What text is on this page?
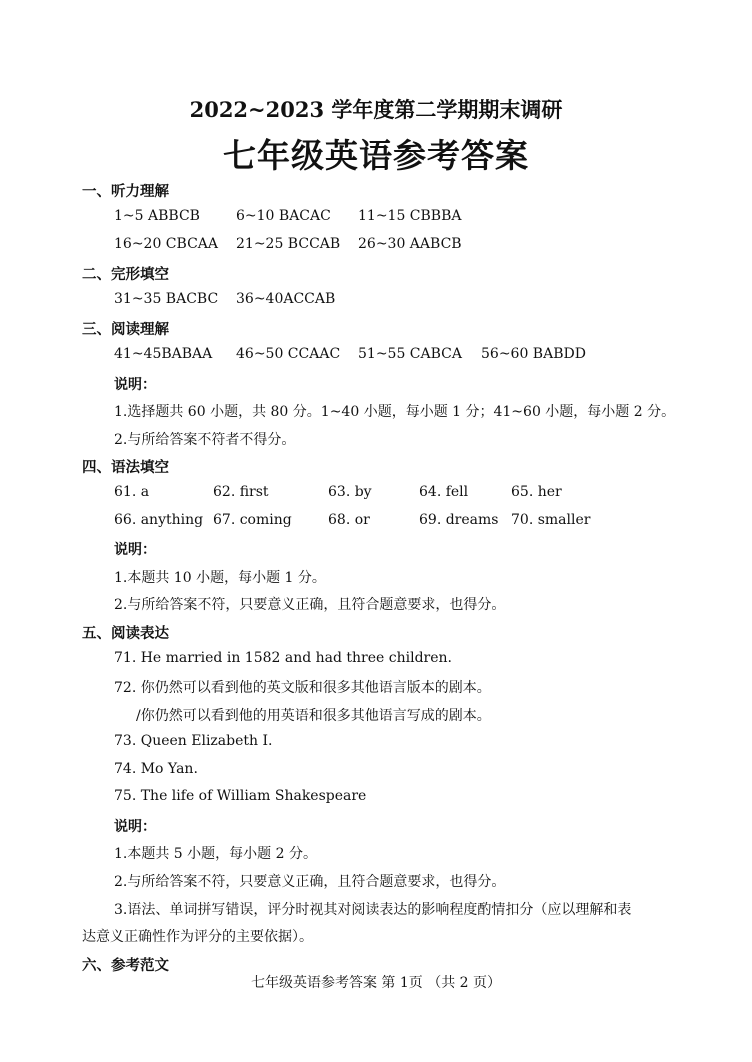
2022~2023 学年度第二学期期末调研
七年级英语参考答案
一、听力理解
1~5 ABBCB	6~10 BACAC 11~15 CBBBA
16~20 CBCAA 21~25 BCCAB 26~30 AABCB
二、完形填空
31~35 BACBC 36~40ACCAB
三、阅读理解
41~45BABAA 46~50 CCAAC 51~55 CABCA 56~60 BABDD
说明：
1.选择题共 60 小题，共 80 分。1~40 小题，每小题 1 分；41~60 小题，每小题 2 分。
2.与所给答案不符者不得分。
四、语法填空
61. a	62. first	63. by	64. fell	65. her
66. anything 67. coming	68. or	69. dreams 70. smaller
说明：
1.本题共 10 小题，每小题 1 分。
2.与所给答案不符，只要意义正确，且符合题意要求，也得分。
五、阅读表达
71. He married in 1582 and had three children.
72. 你仍然可以看到他的英文版和很多其他语言版本的剧本。
/你仍然可以看到他的用英语和很多其他语言写成的剧本。
73. Queen Elizabeth I.
74. Mo Yan.
75. The life of William Shakespeare
说明：
1.本题共 5 小题，每小题 2 分。
2.与所给答案不符，只要意义正确，且符合题意要求，也得分。
3.语法、单词拼写错误，评分时视其对阅读表达的影响程度酌情扣分（应以理解和表
达意义正确性作为评分的主要依据）。
六、参考范文
七年级英语参考答案 第 1页 （共 2 页）
